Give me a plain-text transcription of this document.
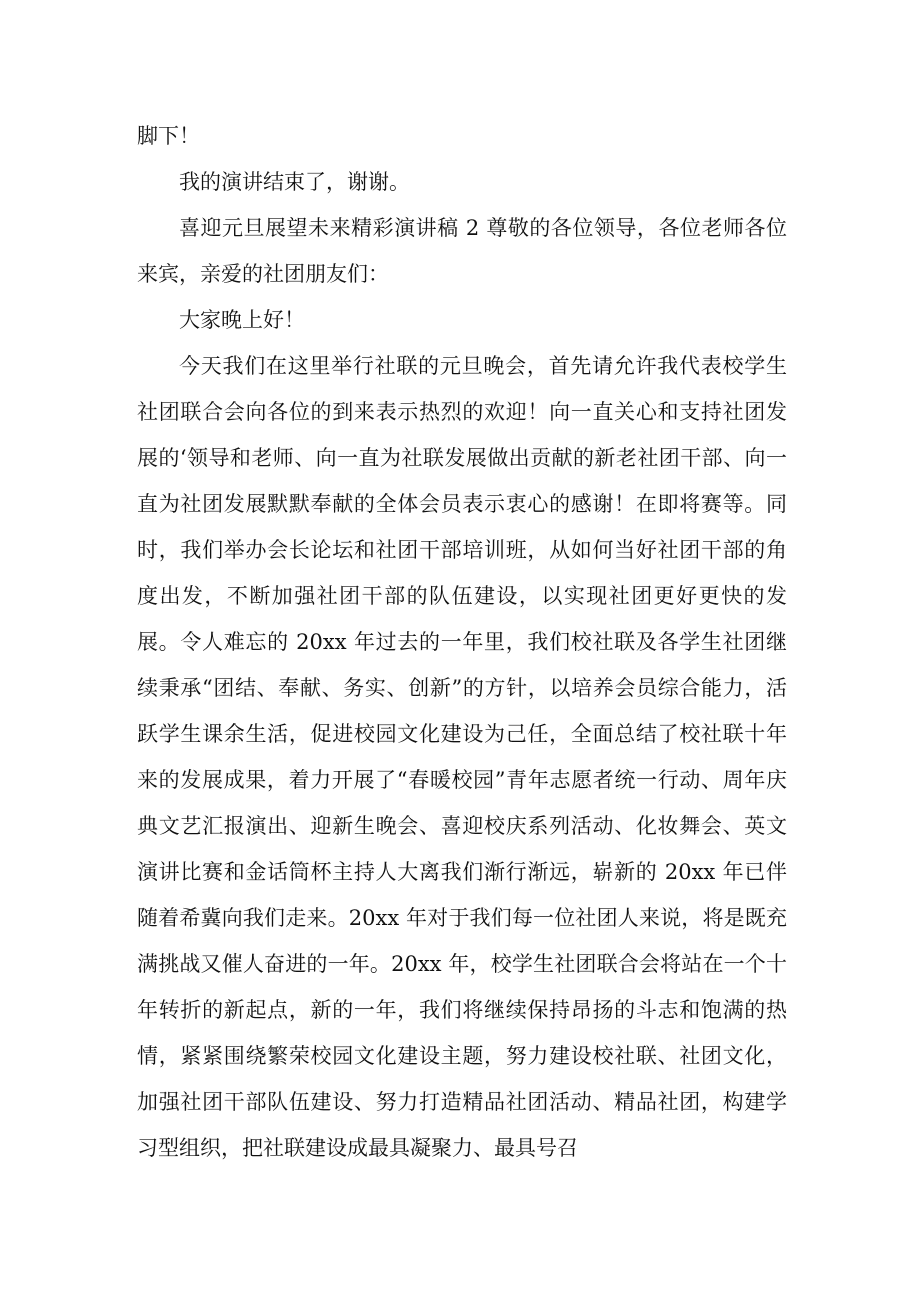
脚下！

我的演讲结束了，谢谢。

喜迎元旦展望未来精彩演讲稿 2 尊敬的各位领导，各位老师各位来宾，亲爱的社团朋友们：

大家晚上好！

今天我们在这里举行社联的元旦晚会，首先请允许我代表校学生社团联合会向各位的到来表示热烈的欢迎！向一直关心和支持社团发展的‘领导和老师、向一直为社联发展做出贡献的新老社团干部、向一直为社团发展默默奉献的全体会员表示衷心的感谢！在即将赛等。同时，我们举办会长论坛和社团干部培训班，从如何当好社团干部的角度出发，不断加强社团干部的队伍建设，以实现社团更好更快的发展。令人难忘的 20xx 年过去的一年里，我们校社联及各学生社团继续秉承“团结、奉献、务实、创新”的方针，以培养会员综合能力，活跃学生课余生活，促进校园文化建设为己任，全面总结了校社联十年来的发展成果，着力开展了“春暖校园”青年志愿者统一行动、周年庆典文艺汇报演出、迎新生晚会、喜迎校庆系列活动、化妆舞会、英文演讲比赛和金话筒杯主持人大离我们渐行渐远，崭新的 20xx 年已伴随着希冀向我们走来。20xx 年对于我们每一位社团人来说，将是既充满挑战又催人奋进的一年。20xx 年，校学生社团联合会将站在一个十年转折的新起点，新的一年，我们将继续保持昂扬的斗志和饱满的热情，紧紧围绕繁荣校园文化建设主题，努力建设校社联、社团文化，加强社团干部队伍建设、努力打造精品社团活动、精品社团，构建学习型组织，把社联建设成最具凝聚力、最具号召
